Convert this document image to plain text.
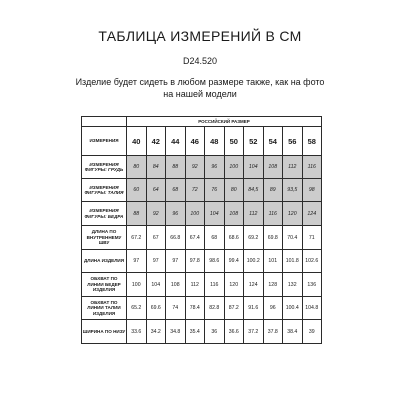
ТАБЛИЦА ИЗМЕРЕНИЙ В СМ
D24.520
Изделие будет сидеть в любом размере также, как на фото на нашей модели
	РОССИЙСКИЙ РАЗМЕР									
ИЗМЕРЕНИЯ	40	42	44	46	48	50	52	54	56	58
ИЗМЕРЕНИЯ ФИГУРЫ: ГРУДЬ	80	84	88	92	96	100	104	108	112	116
ИЗМЕРЕНИЯ ФИГУРЫ: ТАЛИЯ	60	64	68	72	76	80	84,5	89	93,5	98
ИЗМЕРЕНИЯ ФИГУРЫ: БЕДРА	88	92	96	100	104	108	112	116	120	124
ДЛИНА ПО ВНУТРЕННЕМУ ШВУ	67.2	67	66.8	67.4	68	68.6	69.2	69.8	70.4	71
ДЛИНА ИЗДЕЛИЯ	97	97	97	97.8	98.6	99.4	100.2	101	101.8	102.6
ОБХВАТ ПО ЛИНИИ БЕДЕР ИЗДЕЛИЯ	100	104	108	112	116	120	124	128	132	136
ОБХВАТ ПО ЛИНИИ ТАЛИИ ИЗДЕЛИЯ	65.2	69.6	74	78.4	82.8	87.2	91.6	96	100.4	104.8
ШИРИНА ПО НИЗУ	33.6	34.2	34.8	35.4	36	36.6	37.2	37.8	38.4	39
